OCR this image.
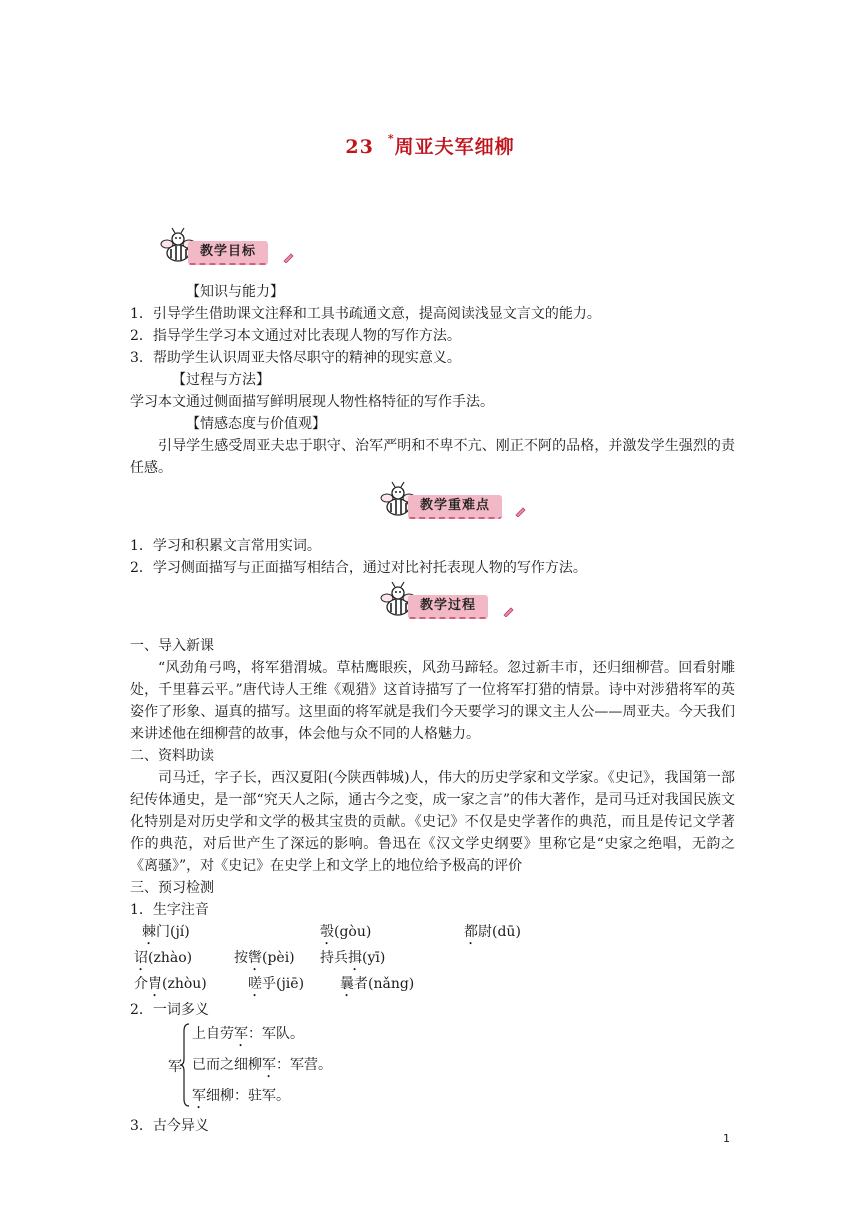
23 *周亚夫军细柳
教学目标
【知识与能力】
1．引导学生借助课文注释和工具书疏通文意，提高阅读浅显文言文的能力。
2．指导学生学习本文通过对比表现人物的写作方法。
3．帮助学生认识周亚夫恪尽职守的精神的现实意义。
【过程与方法】
学习本文通过侧面描写鲜明展现人物性格特征的写作手法。
【情感态度与价值观】
引导学生感受周亚夫忠于职守、治军严明和不卑不亢、刚正不阿的品格，并激发学生强烈的责任感。
教学重难点
1．学习和积累文言常用实词。
2．学习侧面描写与正面描写相结合，通过对比衬托表现人物的写作方法。
教学过程
一、导入新课
“风劲角弓鸣，将军猎渭城。草枯鹰眼疾，风劲马蹄轻。忽过新丰市，还归细柳营。回看射雕处，千里暮云平。”唐代诗人王维《观猎》这首诗描写了一位将军打猎的情景。诗中对涉猎将军的英姿作了形象、逼真的描写。这里面的将军就是我们今天要学习的课文主人公——周亚夫。今天我们来讲述他在细柳营的故事，体会他与众不同的人格魅力。
二、资料助读
司马迁，字子长，西汉夏阳(今陕西韩城)人，伟大的历史学家和文学家。《史记》，我国第一部纪传体通史，是一部“究天人之际，通古今之变，成一家之言”的伟大著作，是司马迁对我国民族文化特别是对历史学和文学的极其宝贵的贡献。《史记》不仅是史学著作的典范，而且是传记文学著作的典范，对后世产生了深远的影响。鲁迅在《汉文学史纲要》里称它是“史家之绝唱，无韵之《离骚》”，对《史记》在史学上和文学上的地位给予极高的评价
三、预习检测
1．生字注音
棘门(jí)	彀(gòu)	都尉(dū)
诏(zhào)	按辔(pèi) 持兵揖(yī)
介胄(zhòu)	嗟乎(jiē)	曩者(nǎng)
2．一词多义
军
上自劳军：军队。
已而之细柳军：军营。
军细柳：驻军。
3．古今异义
1
